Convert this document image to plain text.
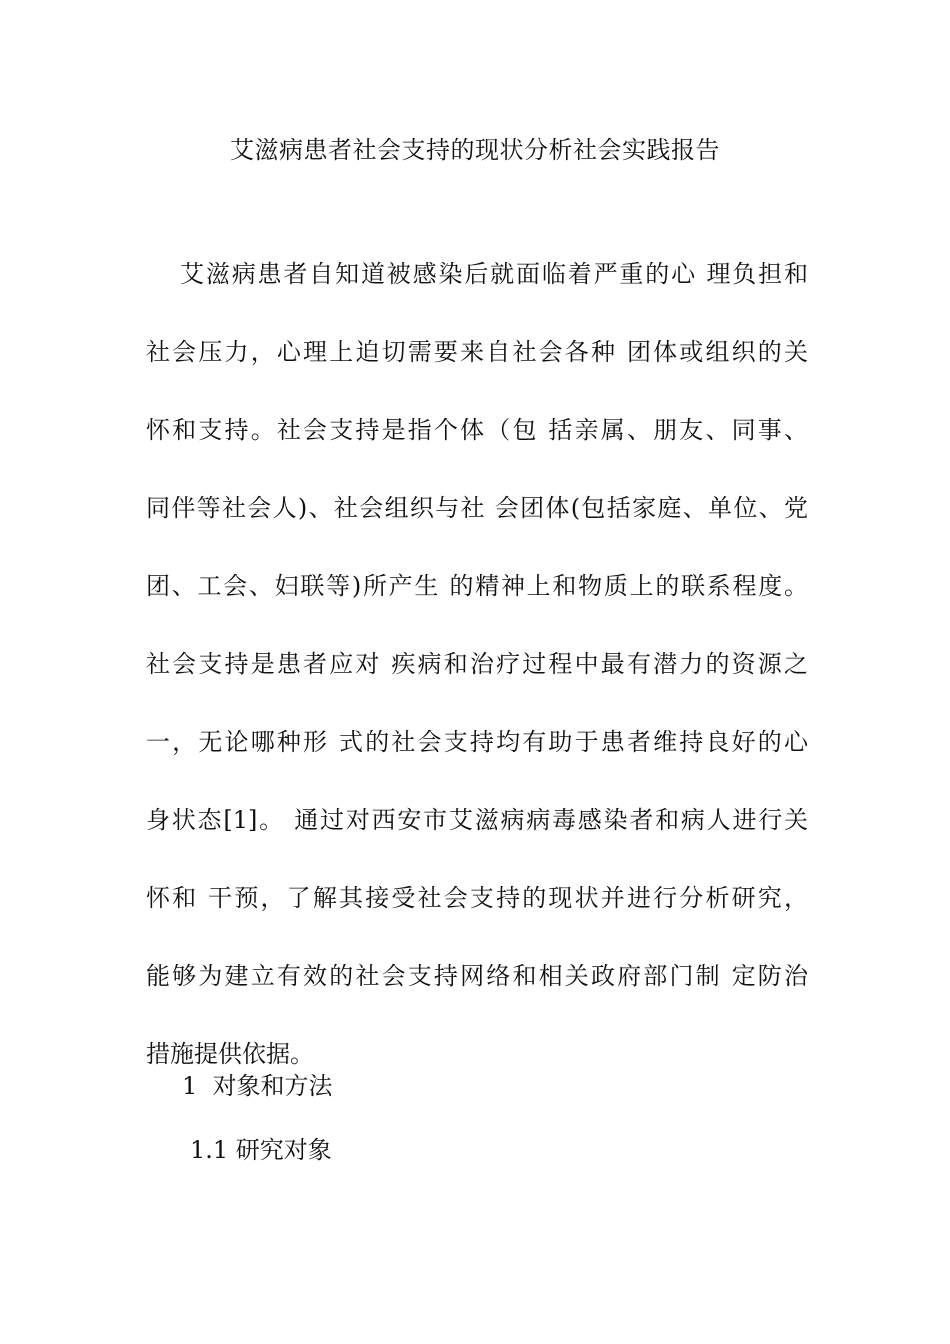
艾滋病患者社会支持的现状分析社会实践报告
艾滋病患者自知道被感染后就面临着严重的心 理负担和
社会压力，心理上迫切需要来自社会各种 团体或组织的关
怀和支持。社会支持是指个体（包 括亲属、朋友、同事、
同伴等社会人)、社会组织与社 会团体(包括家庭、单位、党
团、工会、妇联等)所产生 的精神上和物质上的联系程度。
社会支持是患者应对 疾病和治疗过程中最有潜力的资源之
一，无论哪种形 式的社会支持均有助于患者维持良好的心
身状态[1]。 通过对西安市艾滋病病毒感染者和病人进行关
怀和 干预，了解其接受社会支持的现状并进行分析研究，
能够为建立有效的社会支持网络和相关政府部门制 定防治
措施提供依据。
1  对象和方法
1.1 研究对象
